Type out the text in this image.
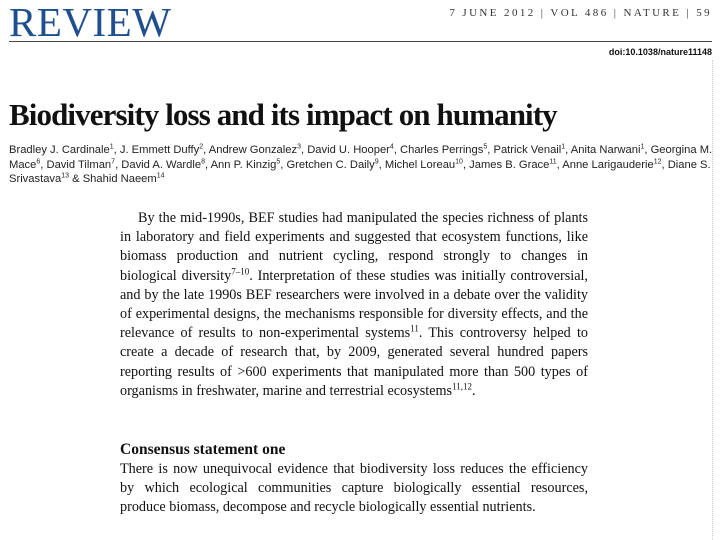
REVIEW	7 JUNE 2012 | VOL 486 | NATURE | 59
doi:10.1038/nature11148
Biodiversity loss and its impact on humanity
Bradley J. Cardinale$^1$, J. Emmett Duffy$^2$, Andrew Gonzalez$^3$, David U. Hooper$^4$, Charles Perrings$^5$, Patrick Venail$^1$, Anita Narwani$^1$, Georgina M. Mace$^6$, David Tilman$^7$, David A. Wardle$^8$, Ann P. Kinzig$^5$, Gretchen C. Daily$^9$, Michel Loreau$^{10}$, James B. Grace$^{11}$, Anne Larigauderie$^{12}$, Diane S. Srivastava$^{13}$ & Shahid Naeem$^{14}$

By the mid-1990s, BEF studies had manipulated the species richness of plants in laboratory and field experiments and suggested that ecosystem functions, like biomass production and nutrient cycling, respond strongly to changes in biological diversity$^{7-10}$. Interpretation of these studies was initially controversial, and by the late 1990s BEF researchers were involved in a debate over the validity of experimental designs, the mechanisms responsible for diversity effects, and the relevance of results to non-experimental systems$^{11}$. This controversy helped to create a decade of research that, by 2009, generated several hundred papers reporting results of >600 experiments that manipulated more than 500 types of organisms in freshwater, marine and terrestrial ecosystems$^{11,12}$.

Consensus statement one

There is now unequivocal evidence that biodiversity loss reduces the efficiency by which ecological communities capture biologically essential resources, produce biomass, decompose and recycle biologically essential nutrients.
